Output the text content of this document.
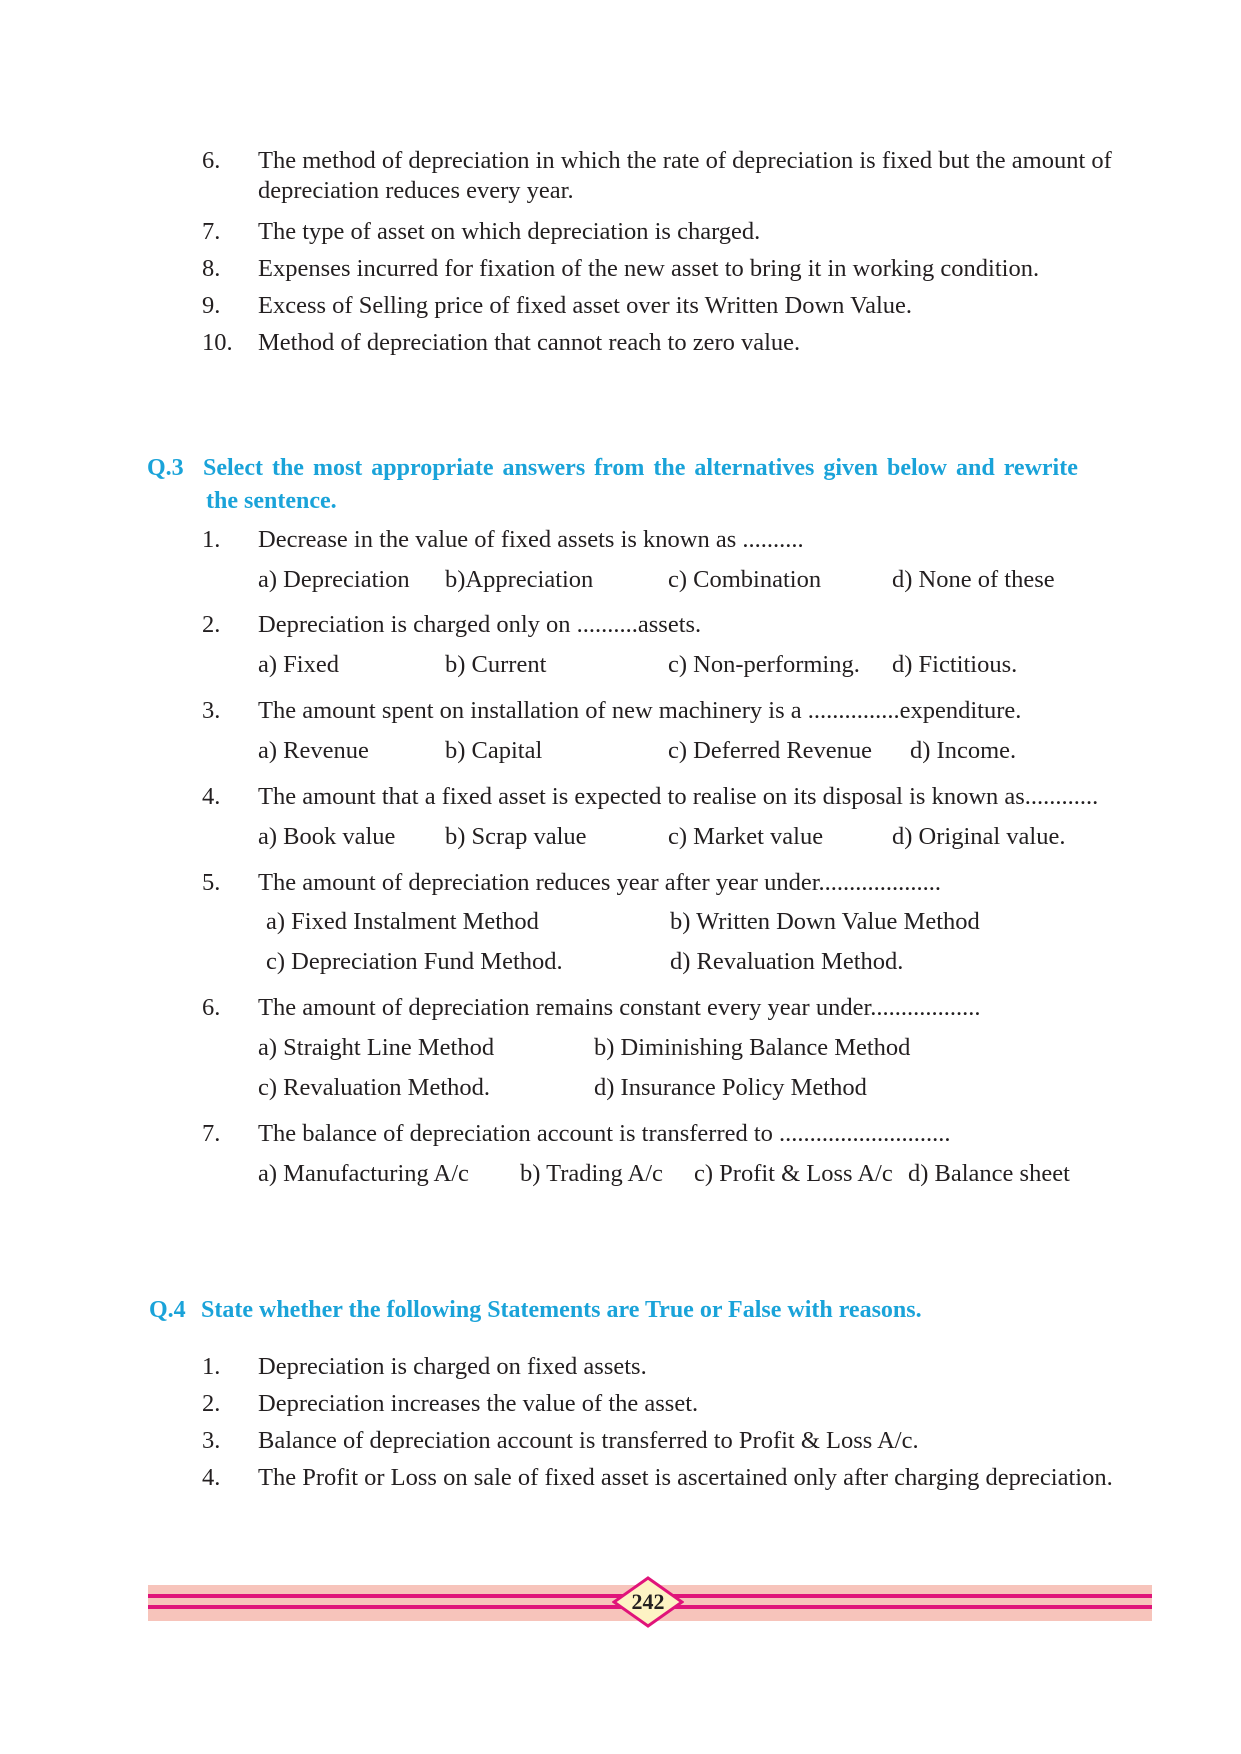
6. The method of depreciation in which the rate of depreciation is fixed but the amount of
depreciation reduces every year.
7. The type of asset on which depreciation is charged.
8. Expenses incurred for fixation of the new asset to bring it in working condition.
9. Excess of Selling price of fixed asset over its Written Down Value.
10. Method of depreciation that cannot reach to zero value.
Q.3 Select the most appropriate answers from the alternatives given below and rewrite
the sentence.
1. Decrease in the value of fixed assets is known as ..........
a) Depreciation b)Appreciation	c) Combination	d) None of these
2. Depreciation is charged only on ..........assets.
a) Fixed	b) Current	c) Non-performing. d) Fictitious.
3. The amount spent on installation of new machinery is a ...............expenditure.
a) Revenue	b) Capital	c) Deferred Revenue d) Income.
4. The amount that a fixed asset is expected to realise on its disposal is known as............
a) Book value b) Scrap value	c) Market value	d) Original value.
5. The amount of depreciation reduces year after year under....................
a) Fixed Instalment Method	b) Written Down Value Method
c) Depreciation Fund Method.	d) Revaluation Method.
6. The amount of depreciation remains constant every year under..................
a) Straight Line Method	b) Diminishing Balance Method
c) Revaluation Method.	d) Insurance Policy Method
7. The balance of depreciation account is transferred to ............................
a) Manufacturing A/c b) Trading A/c c) Profit & Loss A/c d) Balance sheet
Q.4 State whether the following Statements are True or False with reasons.
1. Depreciation is charged on fixed assets.
2. Depreciation increases the value of the asset.
3. Balance of depreciation account is transferred to Profit & Loss A/c.
4. The Profit or Loss on sale of fixed asset is ascertained only after charging depreciation.
242
